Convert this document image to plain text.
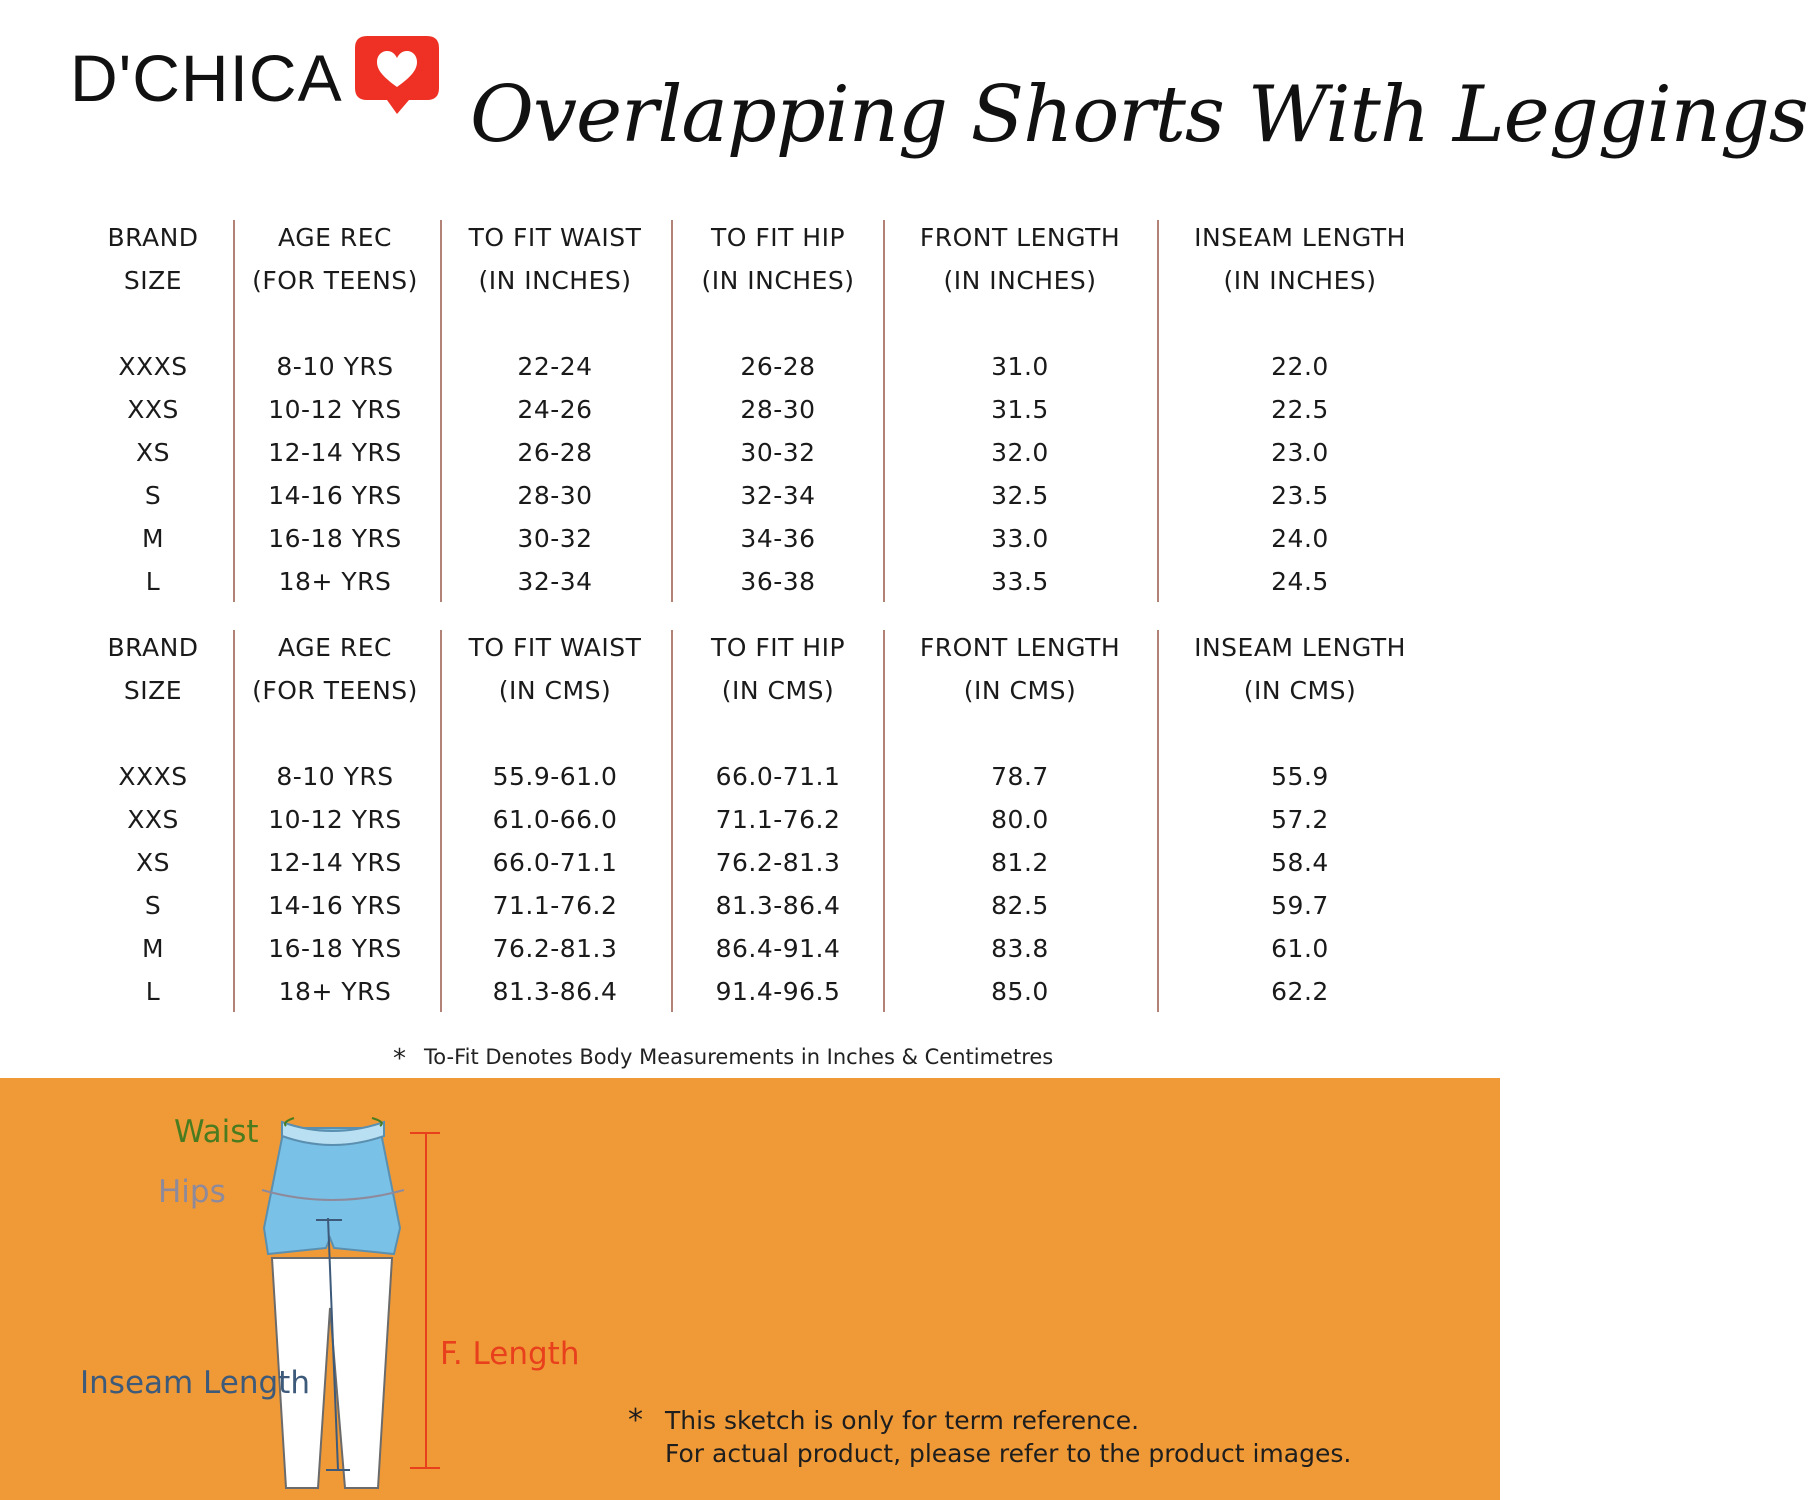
D'CHICA Overlapping Shorts With Leggings
BRAND
SIZE
XXXS
XXS
XS
S
M
L
AGE REC
(FOR TEENS)
8-10 YRS
10-12 YRS
12-14 YRS
14-16 YRS
16-18 YRS
18+ YRS
TO FIT WAIST
(IN INCHES)
22-24
24-26
26-28
28-30
30-32
32-34
TO FIT HIP
(IN INCHES)
26-28
28-30
30-32
32-34
34-36
36-38
FRONT LENGTH
(IN INCHES)
31.0
31.5
32.0
32.5
33.0
33.5
INSEAM LENGTH
(IN INCHES)
22.0
22.5
23.0
23.5
24.0
24.5
BRAND
SIZE
XXXS
XXS
XS
S
M
L
AGE REC
(FOR TEENS)
8-10 YRS
10-12 YRS
12-14 YRS
14-16 YRS
16-18 YRS
18+ YRS
TO FIT WAIST
(IN CMS)
55.9-61.0
61.0-66.0
66.0-71.1
71.1-76.2
76.2-81.3
81.3-86.4
TO FIT HIP
(IN CMS)
66.0-71.1
71.1-76.2
76.2-81.3
81.3-86.4
86.4-91.4
91.4-96.5
FRONT LENGTH
(IN CMS)
78.7
80.0
81.2
82.5
83.8
85.0
INSEAM LENGTH
(IN CMS)
55.9
57.2
58.4
59.7
61.0
62.2
* To-Fit Denotes Body Measurements in Inches & Centimetres
Waist
Hips
Inseam Length
F. Length
* This sketch is only for term reference.
For actual product, please refer to the product images.
